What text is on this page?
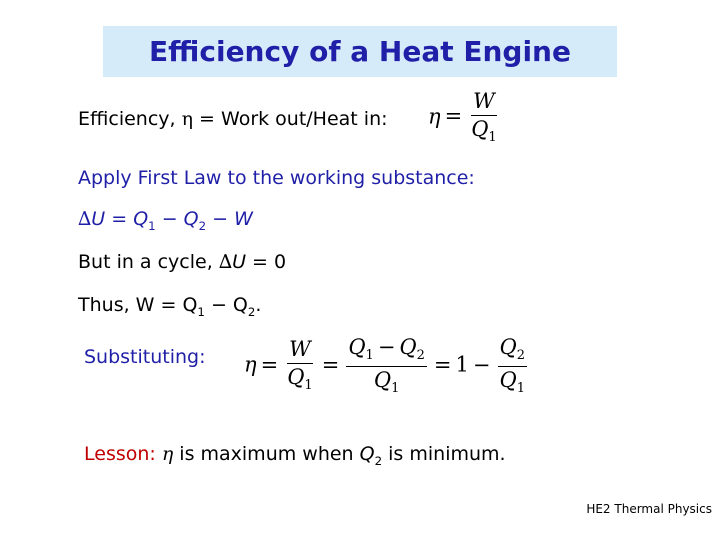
Efficiency of a Heat Engine
Efficiency, η = Work out/Heat in: $\eta = \frac{W}{Q_1}$
Apply First Law to the working substance:
$\Delta U = Q_1 - Q_2 - W$
But in a cycle, ∆U = 0
Thus, $W = Q_1 - Q_2$.
Substituting: $\eta = \frac{W}{Q_1} = \frac{Q_1 - Q_2}{Q_1} = 1 - \frac{Q_2}{Q_1}$
Lesson: η is maximum when $Q_2$ is minimum.
HE2 Thermal Physics
